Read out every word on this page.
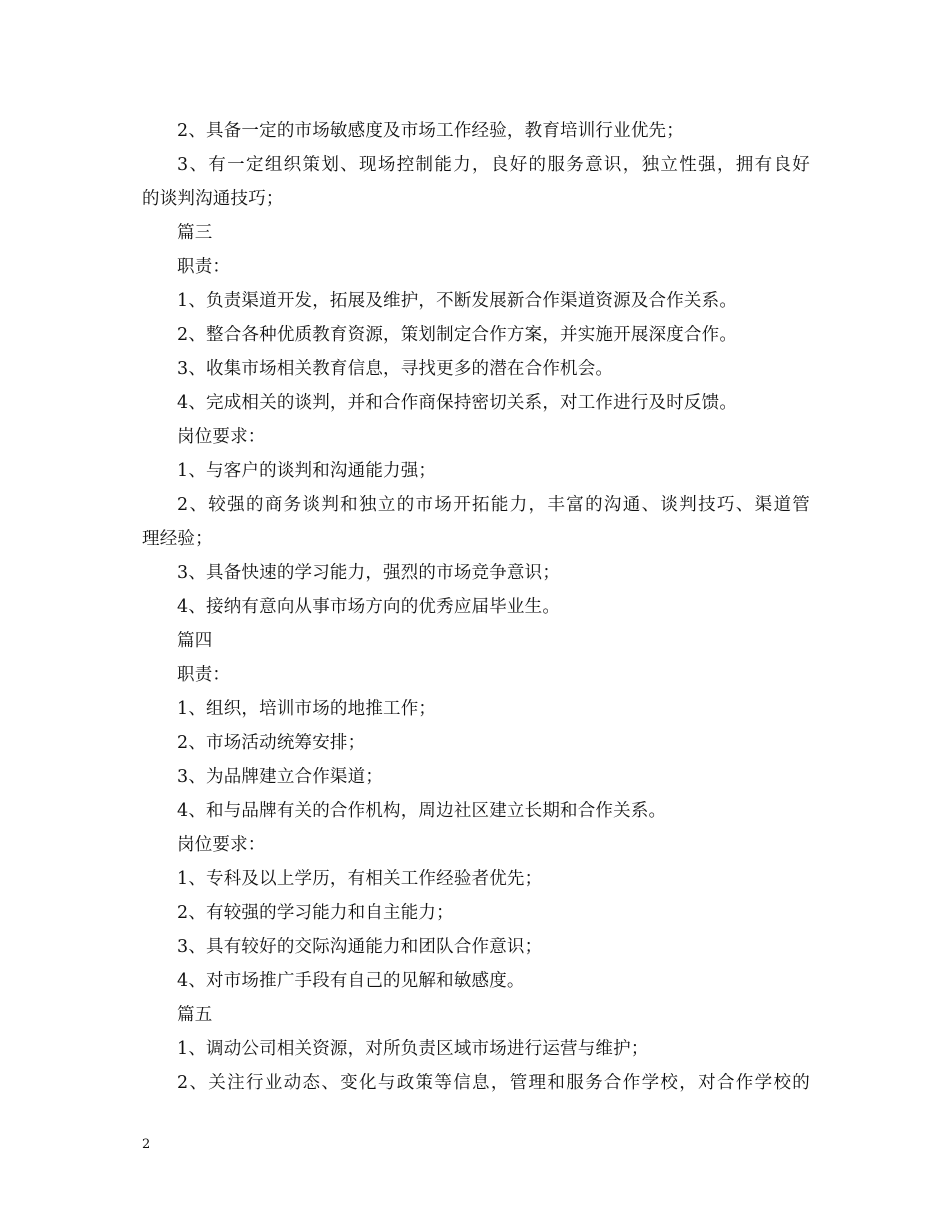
2、具备一定的市场敏感度及市场工作经验，教育培训行业优先；
3、有一定组织策划、现场控制能力，良好的服务意识，独立性强，拥有良好
的谈判沟通技巧；
篇三
职责：
1、负责渠道开发，拓展及维护，不断发展新合作渠道资源及合作关系。
2、整合各种优质教育资源，策划制定合作方案，并实施开展深度合作。
3、收集市场相关教育信息，寻找更多的潜在合作机会。
4、完成相关的谈判，并和合作商保持密切关系，对工作进行及时反馈。
岗位要求：
1、与客户的谈判和沟通能力强；
2、较强的商务谈判和独立的市场开拓能力，丰富的沟通、谈判技巧、渠道管
理经验；
3、具备快速的学习能力，强烈的市场竞争意识；
4、接纳有意向从事市场方向的优秀应届毕业生。
篇四
职责：
1、组织，培训市场的地推工作；
2、市场活动统筹安排；
3、为品牌建立合作渠道；
4、和与品牌有关的合作机构，周边社区建立长期和合作关系。
岗位要求：
1、专科及以上学历，有相关工作经验者优先；
2、有较强的学习能力和自主能力；
3、具有较好的交际沟通能力和团队合作意识；
4、对市场推广手段有自己的见解和敏感度。
篇五
1、调动公司相关资源，对所负责区域市场进行运营与维护；
2、关注行业动态、变化与政策等信息，管理和服务合作学校，对合作学校的
2
